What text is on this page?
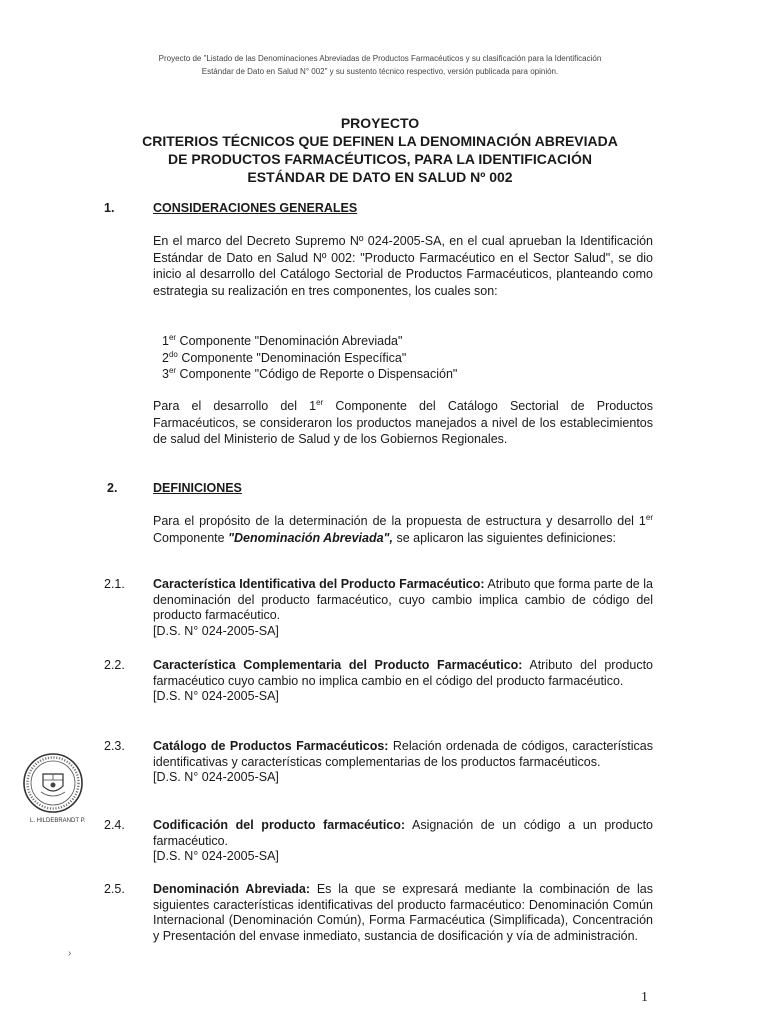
Proyecto de "Listado de las Denominaciones Abreviadas de Productos Farmacéuticos y su clasificación para la Identificación
Estándar de Dato en Salud N° 002" y su sustento técnico respectivo, versión publicada para opinión.
PROYECTO
CRITERIOS TÉCNICOS QUE DEFINEN LA DENOMINACIÓN ABREVIADA
DE PRODUCTOS FARMACÉUTICOS, PARA LA IDENTIFICACIÓN
ESTÁNDAR DE DATO EN SALUD Nº 002
1.	CONSIDERACIONES GENERALES
En el marco del Decreto Supremo Nº 024-2005-SA, en el cual aprueban la Identificación Estándar de Dato en Salud Nº 002: "Producto Farmacéutico en el Sector Salud", se dio inicio al desarrollo del Catálogo Sectorial de Productos Farmacéuticos, planteando como estrategia su realización en tres componentes, los cuales son:
1er Componente "Denominación Abreviada"
$2^{do}$ Componente "Denominación Específica"
3er Componente "Código de Reporte o Dispensación"
Para el desarrollo del 1er Componente del Catálogo Sectorial de Productos Farmacéuticos, se consideraron los productos manejados a nivel de los establecimientos de salud del Ministerio de Salud y de los Gobiernos Regionales.
2.	DEFINICIONES
Para el propósito de la determinación de la propuesta de estructura y desarrollo del 1er Componente "Denominación Abreviada", se aplicaron las siguientes definiciones:
2.1. Característica Identificativa del Producto Farmacéutico: Atributo que forma parte de la denominación del producto farmacéutico, cuyo cambio implica cambio de código del producto farmacéutico.
[D.S. N° 024-2005-SA]
2.2. Característica Complementaria del Producto Farmacéutico: Atributo del producto farmacéutico cuyo cambio no implica cambio en el código del producto farmacéutico.
[D.S. N° 024-2005-SA]
2.3. Catálogo de Productos Farmacéuticos: Relación ordenada de códigos, características identificativas y características complementarias de los productos farmacéuticos.
[D.S. N° 024-2005-SA]
2.4. Codificación del producto farmacéutico: Asignación de un código a un producto farmacéutico.
[D.S. N° 024-2005-SA]
2.5. Denominación Abreviada: Es la que se expresará mediante la combinación de las siguientes características identificativas del producto farmacéutico: Denominación Común Internacional (Denominación Común), Forma Farmacéutica (Simplificada), Concentración y Presentación del envase inmediato, sustancia de dosificación y vía de administración.
L. HILDEBRANDT P.
›
1
